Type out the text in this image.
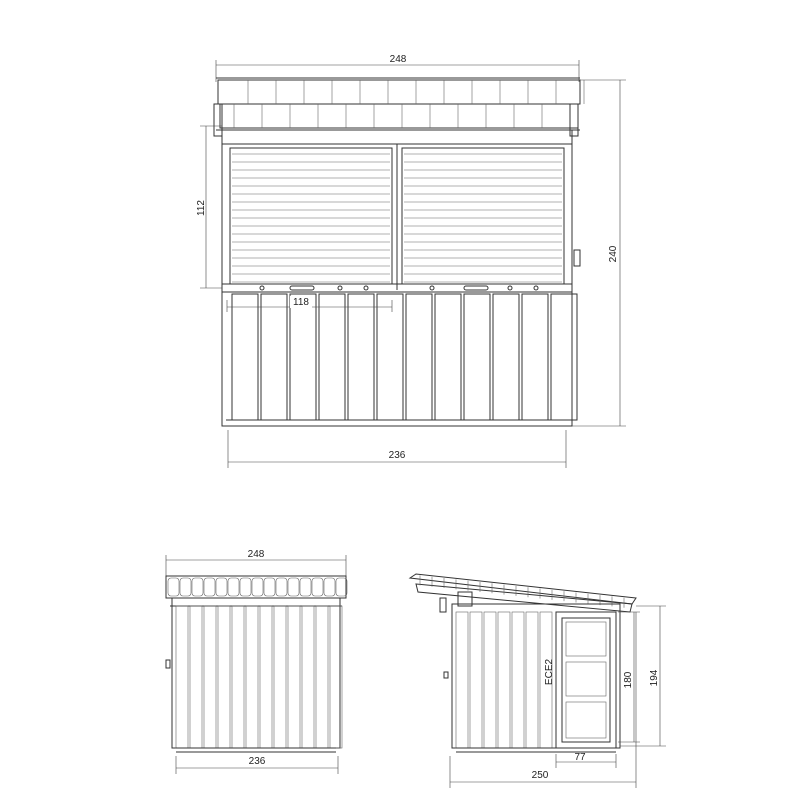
248
112
118
240
236
248
236
ECE2	180 194
77
250
